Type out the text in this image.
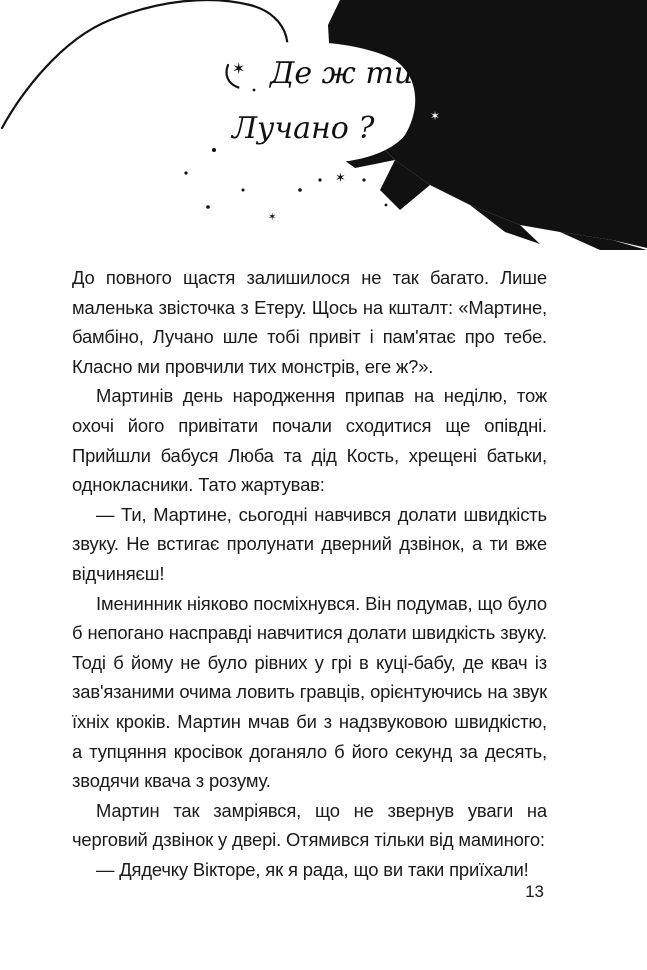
✶
✶
✶
✶
Де ж ти,
Лучано ?

До повного щастя залишилося не так багато. Лише маленька звісточка з Етеру. Щось на кшталт: «Мартине, бамбіно, Лучано шле тобі привіт і пам'ятає про тебе. Класно ми провчили тих монстрів, еге ж?».

Мартинів день народження припав на неділю, тож охочі його привітати почали сходитися ще опівдні. Прийшли бабуся Люба та дід Кость, хрещені батьки, однокласники. Тато жартував:

— Ти, Мартине, сьогодні навчився долати швидкість звуку. Не встигає пролунати дверний дзвінок, а ти вже відчиняєш!

Іменинник ніяково посміхнувся. Він подумав, що було б непогано насправді навчитися долати швидкість звуку. Тоді б йому не було рівних у грі в куці-бабу, де квач із зав'язаними очима ловить гравців, орієнтуючись на звук їхніх кроків. Мартин мчав би з надзвуковою швидкістю, а тупцяння кросівок доганяло б його секунд за десять, зводячи квача з розуму.

Мартин так замріявся, що не звернув уваги на черговий дзвінок у двері. Отямився тільки від маминого:

— Дядечку Вікторе, як я рада, що ви таки приїхали!

13
